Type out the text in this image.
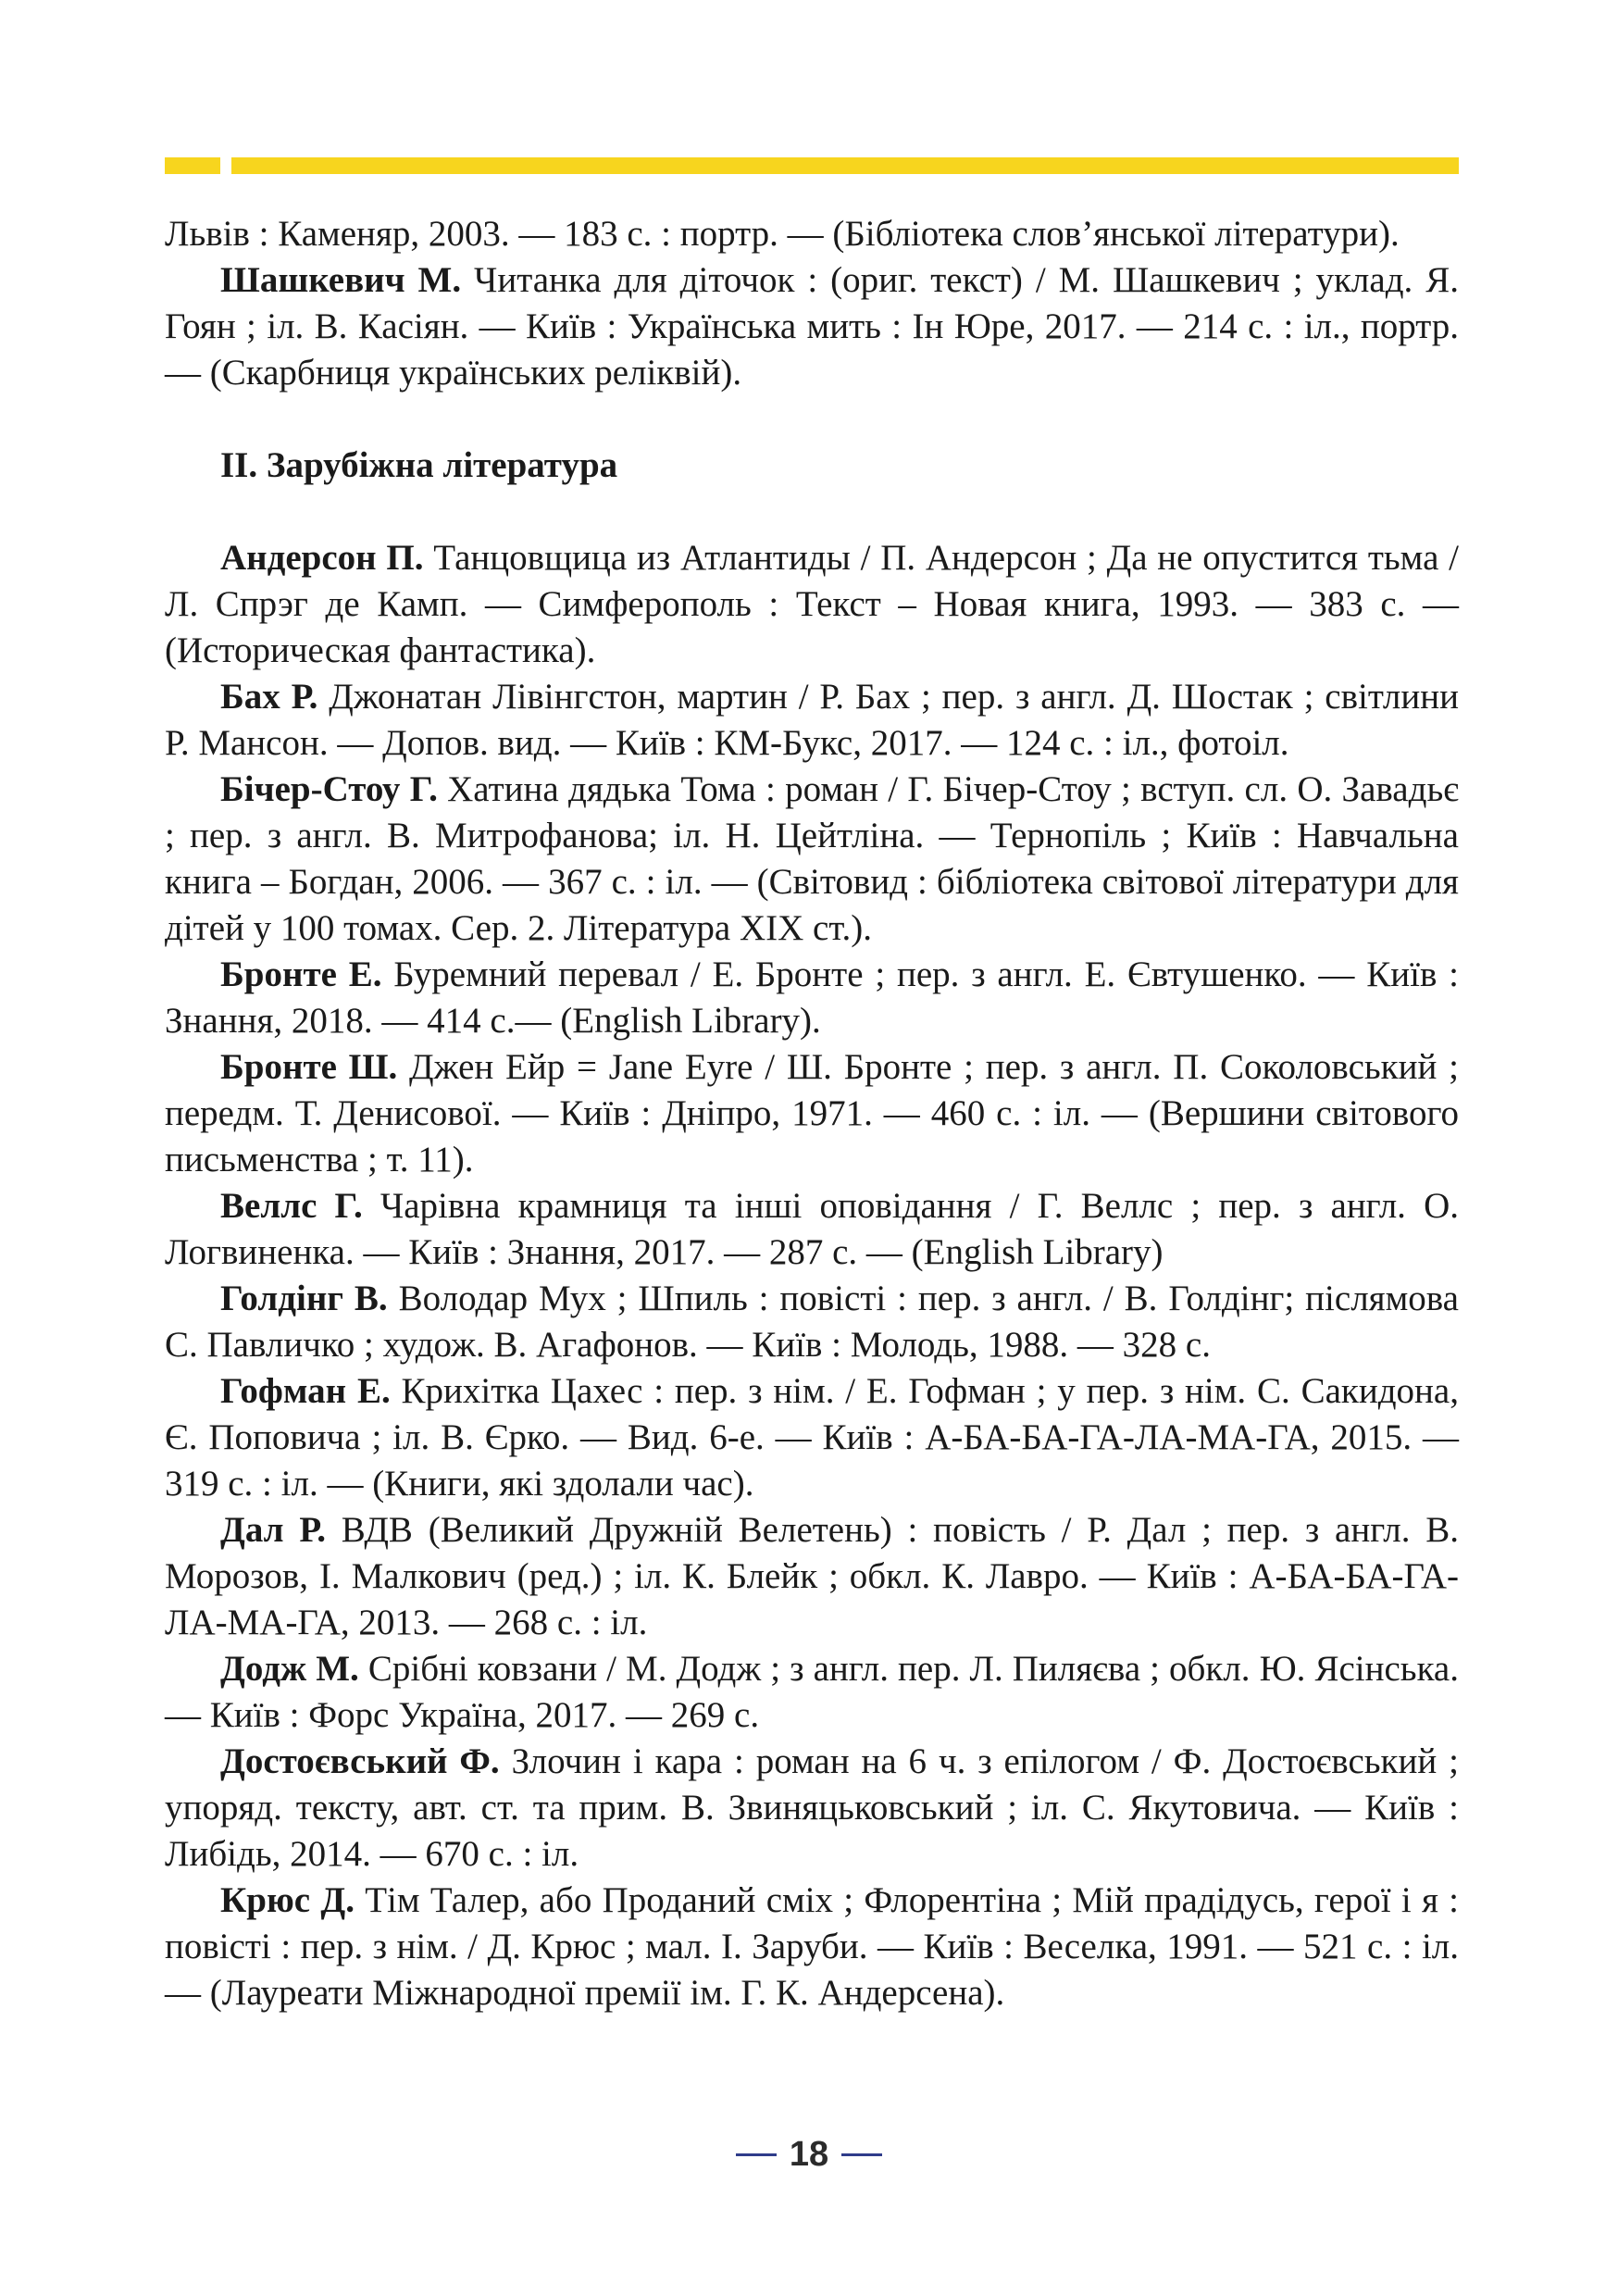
Львів : Каменяр, 2003. — 183 с. : портр. — (Бібліотека слов’янської літератури).

Шашкевич М. Читанка для діточок : (ориг. текст) / М. Шашкевич ; уклад. Я. Гоян ; іл. В. Касіян. — Київ : Українська мить : Ін Юре, 2017. — 214 с. : іл., портр. — (Скарбниця українських реліквій).

ІІ. Зарубіжна література

Андерсон П. Танцовщица из Атлантиды / П. Андерсон ; Да не опустится тьма / Л. Спрэг де Камп. — Симферополь : Текст – Новая книга, 1993. — 383 с. — (Историческая фантастика).

Бах Р. Джонатан Лівінгстон, мартин / Р. Бах ; пер. з англ. Д. Шостак ; світлини Р. Мансон. — Допов. вид. — Київ : КМ-Букс, 2017. — 124 с. : іл., фотоіл.

Бічер-Стоу Г. Хатина дядька Тома : роман / Г. Бічер-Стоу ; вступ. сл. О. Завадьє ; пер. з англ. В. Митрофанова; іл. Н. Цейтліна. — Тернопіль ; Київ : Навчальна книга – Богдан, 2006. — 367 с. : іл. — (Світовид : бібліотека світової літератури для дітей у 100 томах. Сер. 2. Література ХІХ ст.).

Бронте Е. Буремний перевал / Е. Бронте ; пер. з англ. Е. Євтушенко. — Київ : Знання, 2018. — 414 с.— (English Library).

Бронте Ш. Джен Ейр = Jane Eyre / Ш. Бронте ; пер. з англ. П. Соколовський ; передм. Т. Денисової. — Київ : Дніпро, 1971. — 460 с. : іл. — (Вершини світового письменства ; т. 11).

Веллс Г. Чарівна крамниця та інші оповідання / Г. Веллс ; пер. з англ. О. Логвиненка. — Київ : Знання, 2017. — 287 с. — (English Library)

Голдінг В. Володар Мух ; Шпиль : повісті : пер. з англ. / В. Голдінг; післямова С. Павличко ; худож. В. Агафонов. — Київ : Молодь, 1988. — 328 с.

Гофман Е. Крихітка Цахес : пер. з нім. / Е. Гофман ; у пер. з нім. С. Сакидона, Є. Поповича ; іл. В. Єрко. — Вид. 6-е. — Київ : А-БА-БА-ГА-ЛА-МА-ГА, 2015. — 319 с. : іл. — (Книги, які здолали час).

Дал Р. ВДВ (Великий Дружній Велетень) : повість / Р. Дал ; пер. з англ. В. Морозов, І. Малкович (ред.) ; іл. К. Блейк ; обкл. К. Лавро. — Київ : А-БА-БА-ГА-ЛА-МА-ГА, 2013. — 268 с. : іл.

Додж М. Срібні ковзани / М. Додж ; з англ. пер. Л. Пиляєва ; обкл. Ю. Ясінська. — Київ : Форс Україна, 2017. — 269 с.

Достоєвський Ф. Злочин і кара : роман на 6 ч. з епілогом / Ф. Достоєвський ; упоряд. тексту, авт. ст. та прим. В. Звиняцьковський ; іл. С. Якутовича. — Київ : Либідь, 2014. — 670 с. : іл.

Крюс Д. Тім Талер, або Проданий сміх ; Флорентіна ; Мій прадідусь, герої і я : повісті : пер. з нім. / Д. Крюс ; мал. І. Заруби. — Київ : Веселка, 1991. — 521 с. : іл. — (Лауреати Міжнародної премії ім. Г. К. Андерсена).

18
